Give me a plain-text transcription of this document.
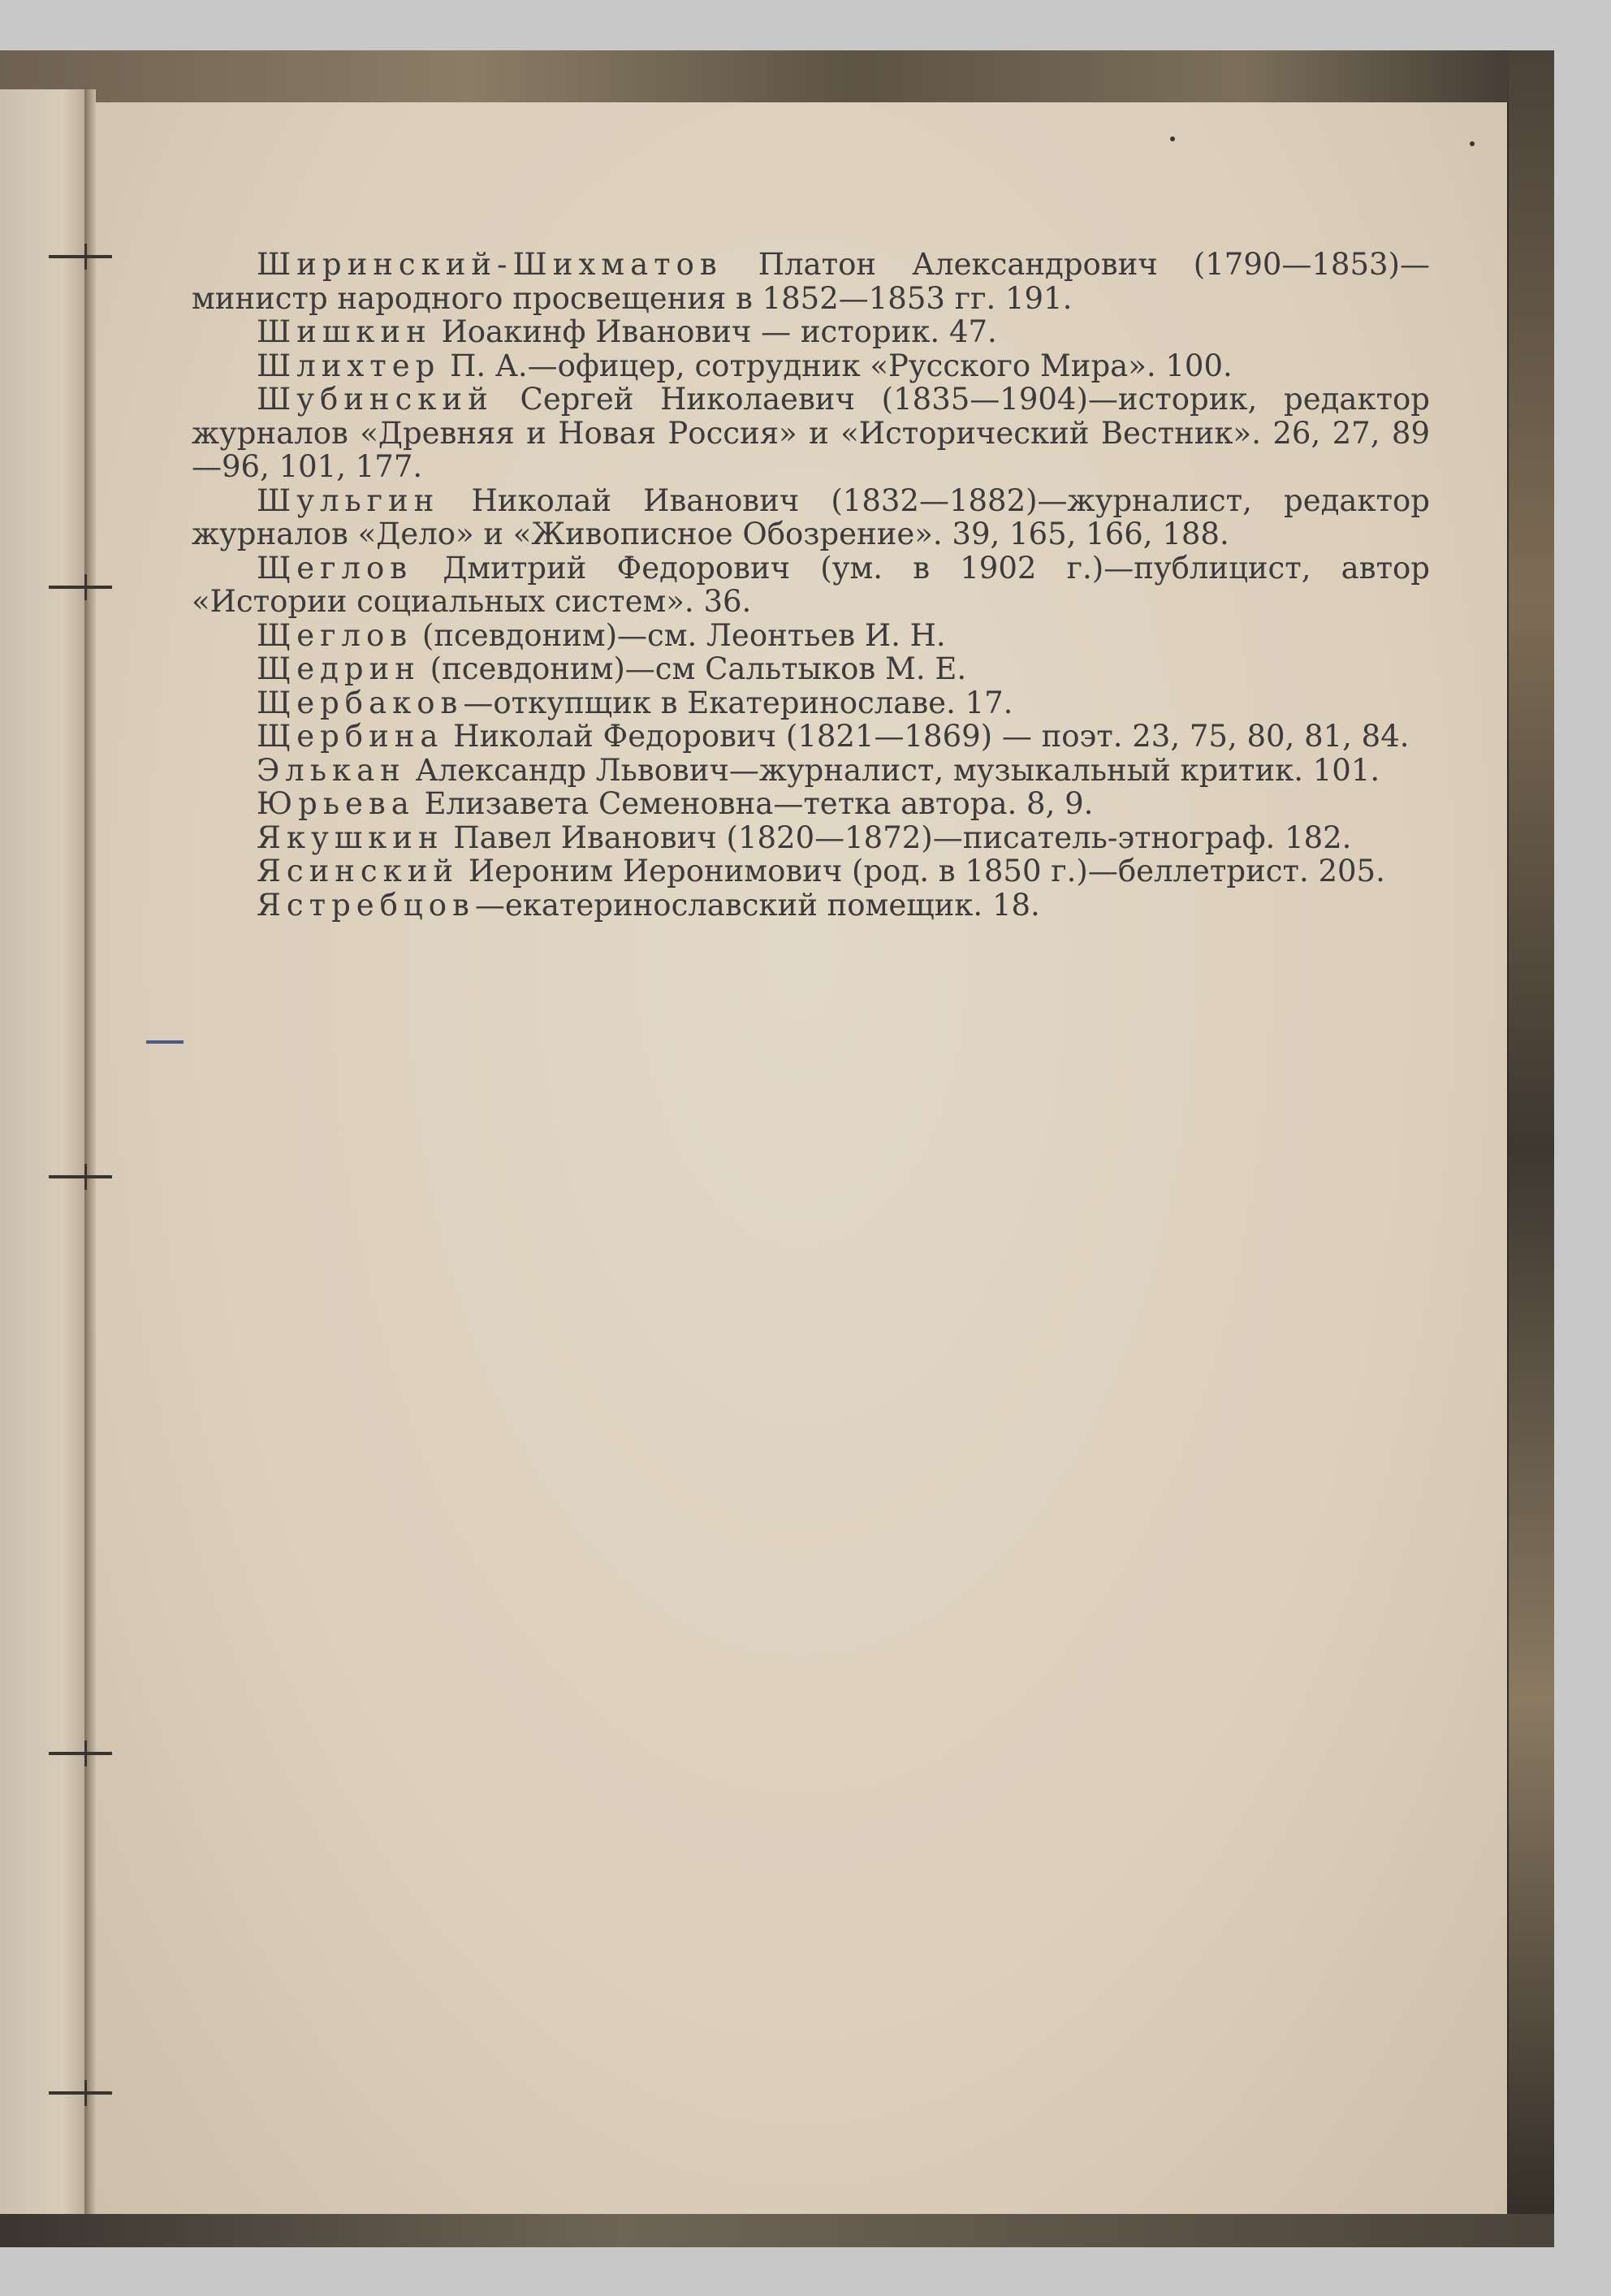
Ширинский-Шихматов Платон Александрович (1790—1853)—министр народного просвещения в 1852—1853 гг. 191.

Шишкин Иоакинф Иванович — историк. 47.

Шлихтер П. А.—офицер, сотрудник «Русского Мира». 100.

Шубинский Сергей Николаевич (1835—1904)—историк, редактор журналов «Древняя и Новая Россия» и «Исторический Вестник». 26, 27, 89—96, 101, 177.

Шульгин Николай Иванович (1832—1882)—журналист, редактор журналов «Дело» и «Живописное Обозрение». 39, 165, 166, 188.

Щеглов Дмитрий Федорович (ум. в 1902 г.)—публицист, автор «Истории социальных систем». 36.

Щеглов (псевдоним)—см. Леонтьев И. Н.

Щедрин (псевдоним)—см Сальтыков М. Е.

Щербаков—откупщик в Екатеринославе. 17.

Щербина Николай Федорович (1821—1869) — поэт. 23, 75, 80, 81, 84.

Элькан Александр Львович—журналист, музыкальный критик. 101.

Юрьева Елизавета Семеновна—тетка автора. 8, 9.

Якушкин Павел Иванович (1820—1872)—писатель-этнограф. 182.

Ясинский Иероним Иеронимович (род. в 1850 г.)—беллетрист. 205.

Ястребцов—екатеринославский помещик. 18.
